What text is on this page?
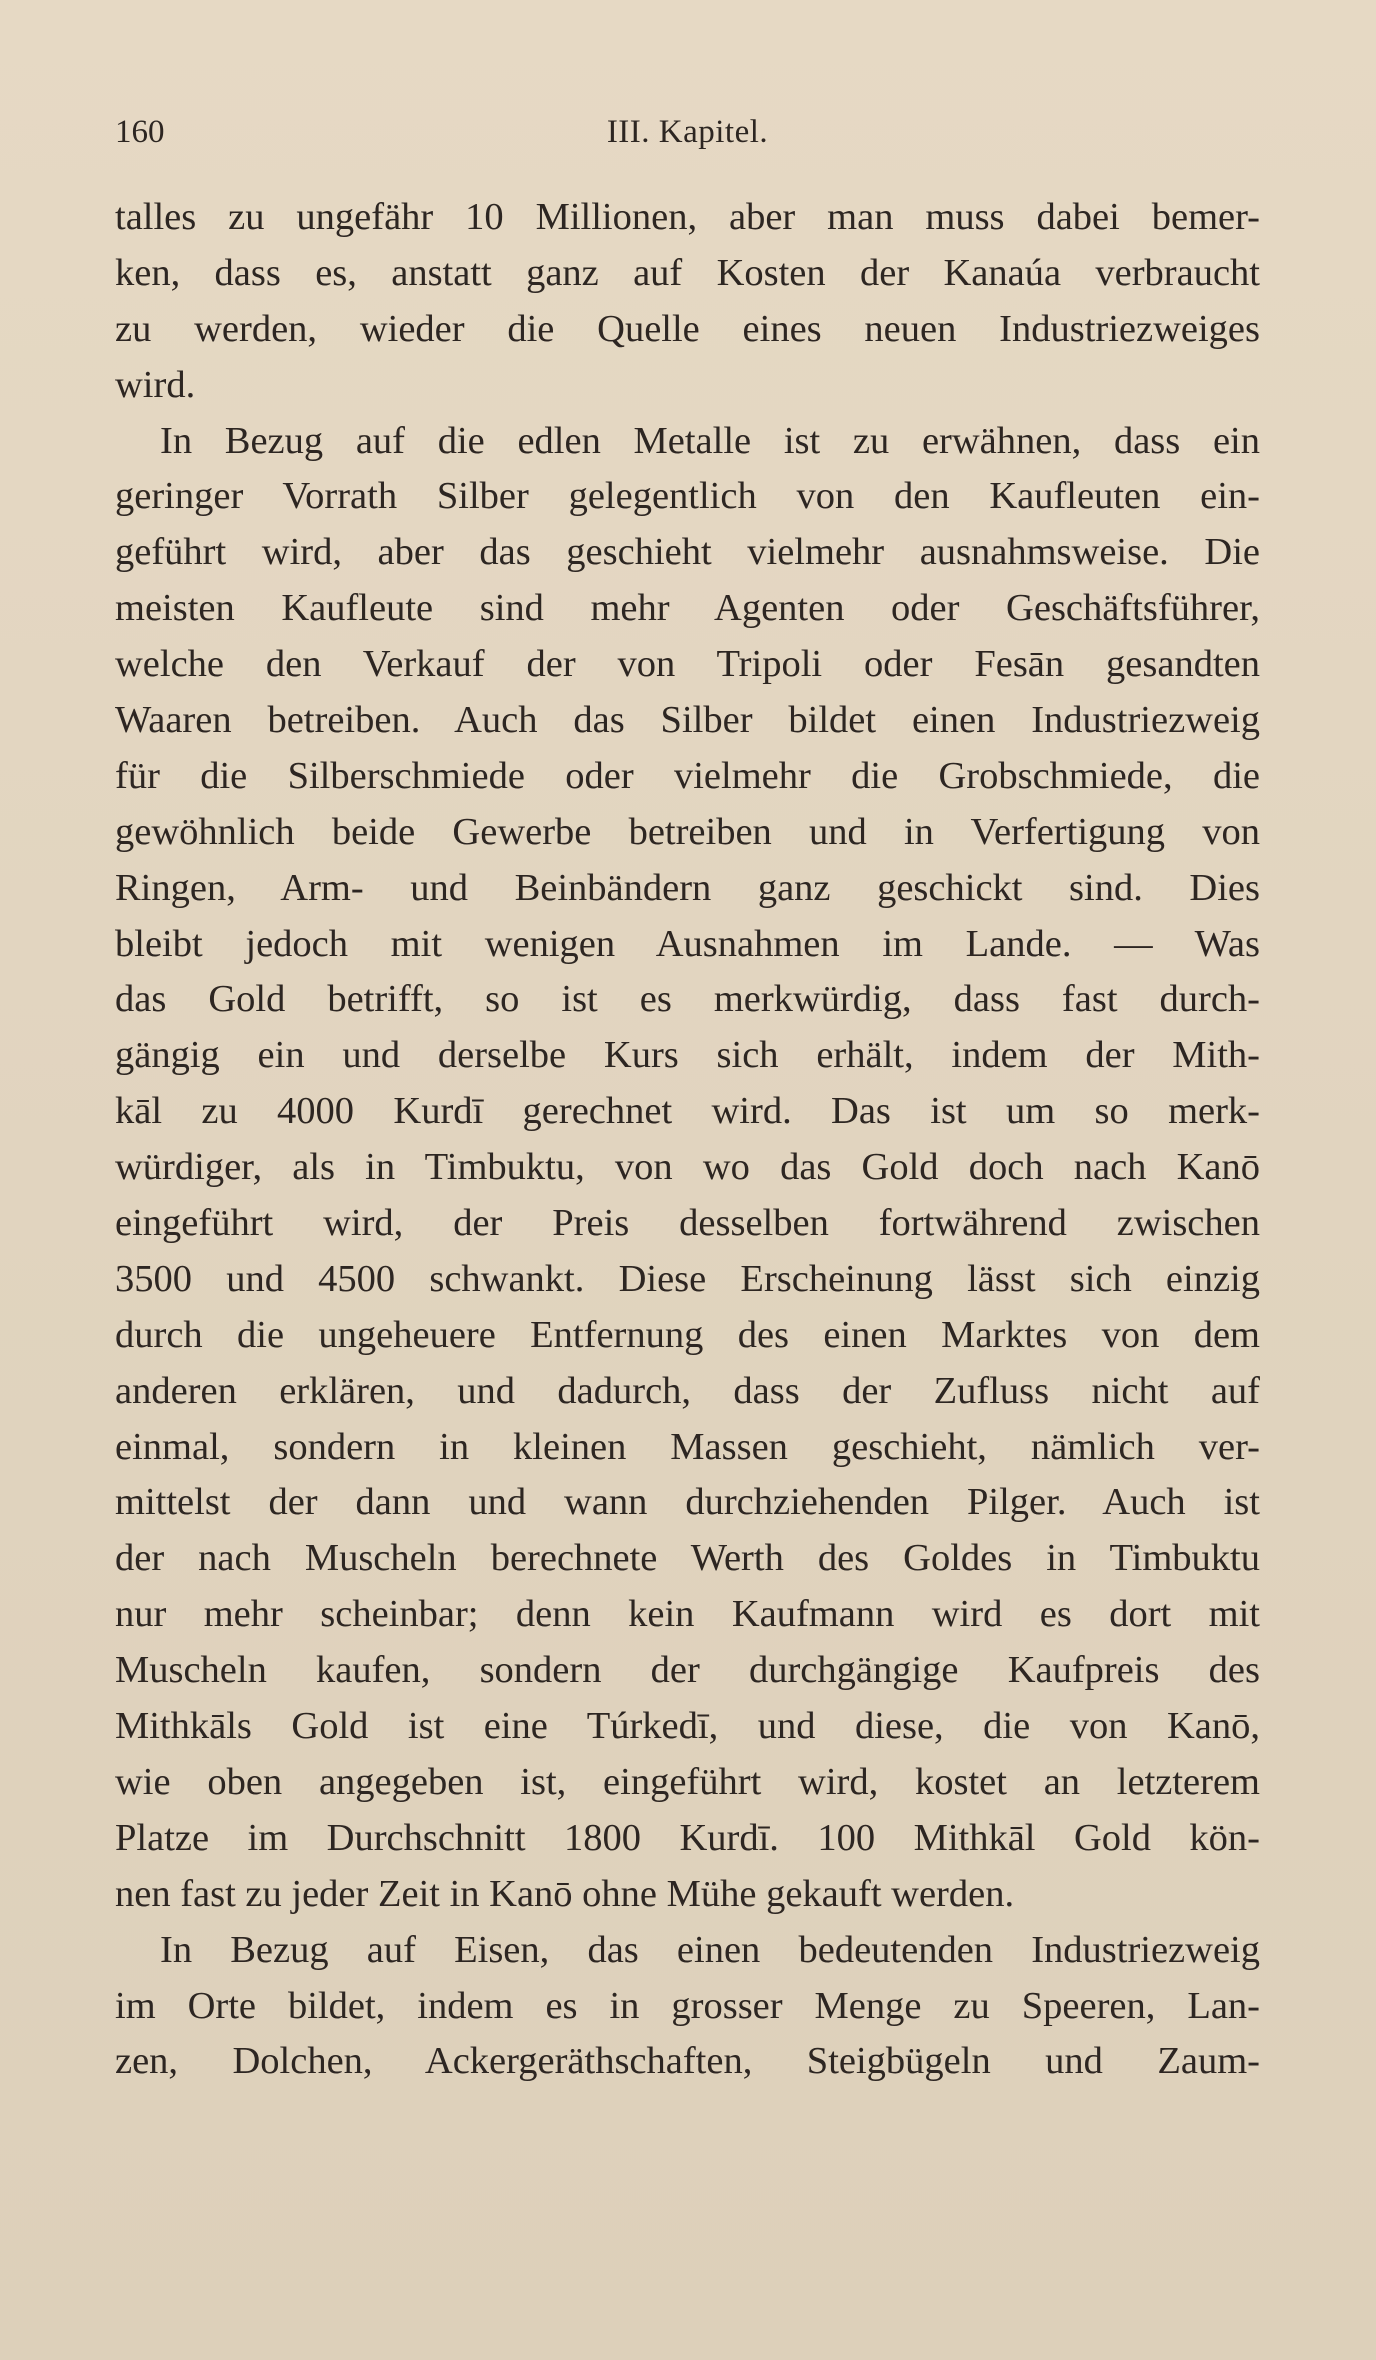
160	III. Kapitel.
talles zu ungefähr 10 Millionen, aber man muss dabei bemer-
ken, dass es, anstatt ganz auf Kosten der Kanaúa verbraucht
zu werden, wieder die Quelle eines neuen Industriezweiges
wird.
In Bezug auf die edlen Metalle ist zu erwähnen, dass ein
geringer Vorrath Silber gelegentlich von den Kaufleuten ein-
geführt wird, aber das geschieht vielmehr ausnahmsweise. Die
meisten Kaufleute sind mehr Agenten oder Geschäftsführer,
welche den Verkauf der von Tripoli oder Fesān gesandten
Waaren betreiben. Auch das Silber bildet einen Industriezweig
für die Silberschmiede oder vielmehr die Grobschmiede, die
gewöhnlich beide Gewerbe betreiben und in Verfertigung von
Ringen, Arm- und Beinbändern ganz geschickt sind. Dies
bleibt jedoch mit wenigen Ausnahmen im Lande. — Was
das Gold betrifft, so ist es merkwürdig, dass fast durch-
gängig ein und derselbe Kurs sich erhält, indem der Mith-
kāl zu 4000 Kurdī gerechnet wird. Das ist um so merk-
würdiger, als in Timbuktu, von wo das Gold doch nach Kanō
eingeführt wird, der Preis desselben fortwährend zwischen
3500 und 4500 schwankt. Diese Erscheinung lässt sich einzig
durch die ungeheuere Entfernung des einen Marktes von dem
anderen erklären, und dadurch, dass der Zufluss nicht auf
einmal, sondern in kleinen Massen geschieht, nämlich ver-
mittelst der dann und wann durchziehenden Pilger. Auch ist
der nach Muscheln berechnete Werth des Goldes in Timbuktu
nur mehr scheinbar; denn kein Kaufmann wird es dort mit
Muscheln kaufen, sondern der durchgängige Kaufpreis des
Mithkāls Gold ist eine Túrkedī, und diese, die von Kanō,
wie oben angegeben ist, eingeführt wird, kostet an letzterem
Platze im Durchschnitt 1800 Kurdī. 100 Mithkāl Gold kön-
nen fast zu jeder Zeit in Kanō ohne Mühe gekauft werden.
In Bezug auf Eisen, das einen bedeutenden Industriezweig
im Orte bildet, indem es in grosser Menge zu Speeren, Lan-
zen, Dolchen, Ackergeräthschaften, Steigbügeln und Zaum-
